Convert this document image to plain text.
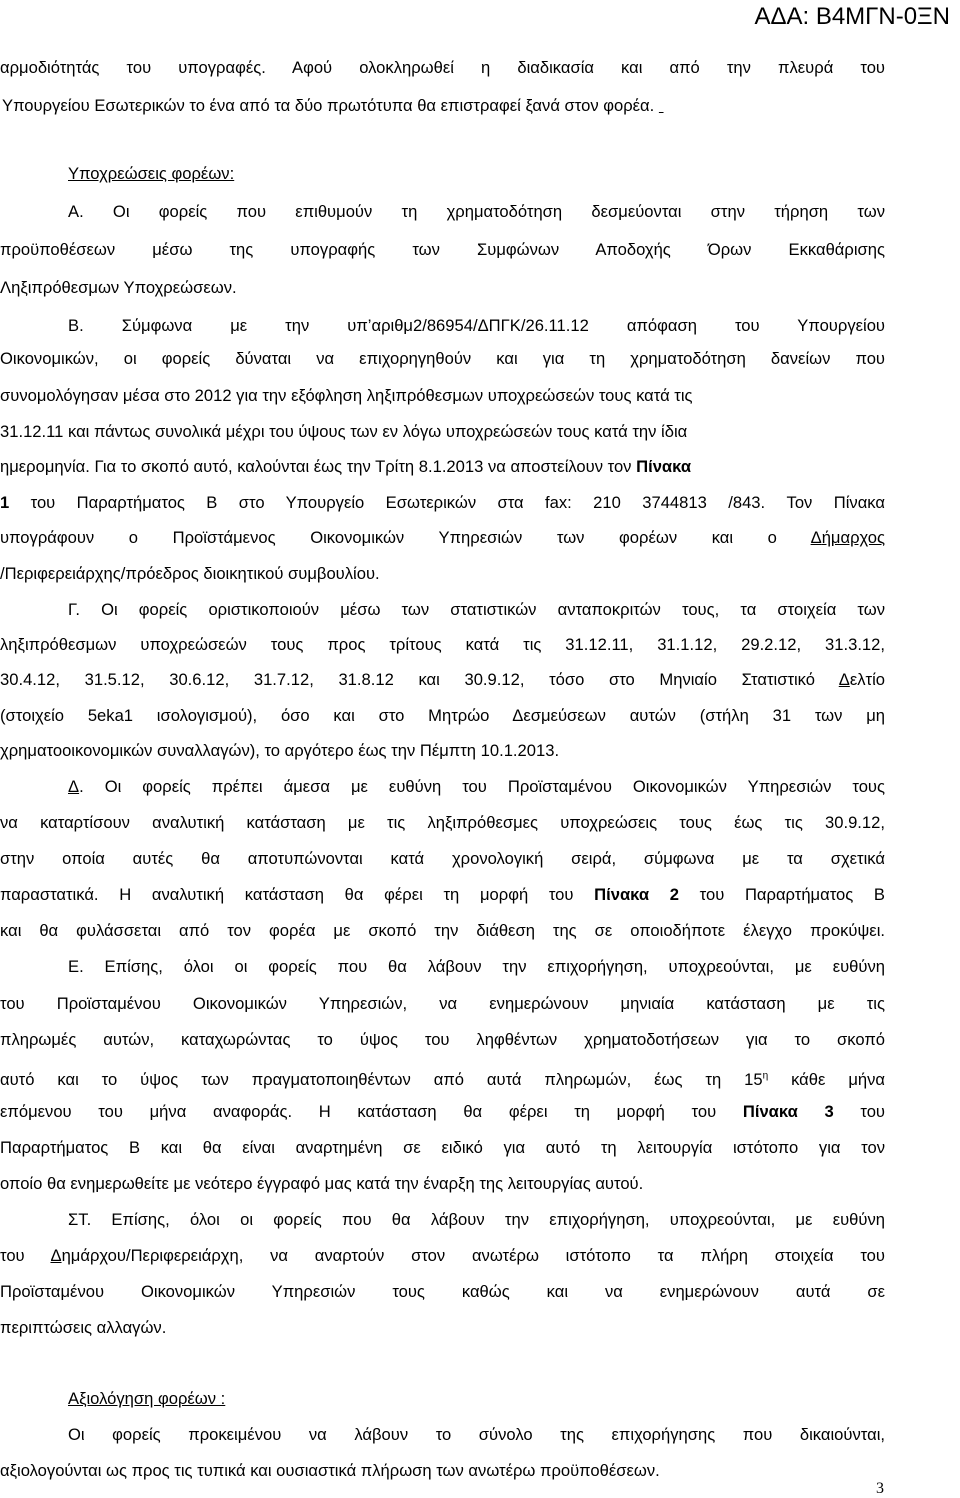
ΑΔΑ: Β4ΜΓΝ-0ΞΝ
αρμοδιότητάς του υπογραφές. Αφού ολοκληρωθεί η διαδικασία και από την πλευρά του
Υπουργείου Εσωτερικών το ένα από τα δύο πρωτότυπα θα επιστραφεί ξανά στον φορέα.
Υποχρεώσεις φορέων:
Α. Οι φορείς που επιθυμούν τη χρηματοδότηση δεσμεύονται στην τήρηση των
προϋποθέσεων μέσω της υπογραφής των Συμφώνων Αποδοχής Όρων Εκκαθάρισης
Ληξιπρόθεσμων Υποχρεώσεων.
Β. Σύμφωνα με την υπ’αριθμ2/86954/ΔΠΓΚ/26.11.12 απόφαση του Υπουργείου
Οικονομικών, οι φορείς δύναται να επιχορηγηθούν και για τη χρηματοδότηση δανείων που
συνομολόγησαν μέσα στο 2012 για την εξόφληση ληξιπρόθεσμων υποχρεώσεών τους κατά τις
31.12.11 και πάντως συνολικά μέχρι του ύψους των εν λόγω υποχρεώσεών τους κατά την ίδια
ημερομηνία. Για το σκοπό αυτό, καλούνται έως την Τρίτη 8.1.2013 να αποστείλουν τον Πίνακα
1 του Παραρτήματος Β στο Υπουργείο Εσωτερικών στα fax: 210 3744813 /843. Τον Πίνακα
υπογράφουν ο Προϊστάμενος Οικονομικών Υπηρεσιών των φορέων και ο Δήμαρχος
/Περιφερειάρχης/πρόεδρος διοικητικού συμβουλίου.
Γ. Οι φορείς οριστικοποιούν μέσω των στατιστικών ανταποκριτών τους, τα στοιχεία των
ληξιπρόθεσμων υποχρεώσεών τους προς τρίτους κατά τις 31.12.11, 31.1.12, 29.2.12, 31.3.12,
30.4.12, 31.5.12, 30.6.12, 31.7.12, 31.8.12 και 30.9.12, τόσο στο Μηνιαίο Στατιστικό Δελτίο
(στοιχείο 5eka1 ισολογισμού), όσο και στο Μητρώο Δεσμεύσεων αυτών (στήλη 31 των μη
χρηματοοικονομικών συναλλαγών), το αργότερο έως την Πέμπτη 10.1.2013.
Δ. Οι φορείς πρέπει άμεσα με ευθύνη του Προϊσταμένου Οικονομικών Υπηρεσιών τους
να καταρτίσουν αναλυτική κατάσταση με τις ληξιπρόθεσμες υποχρεώσεις τους έως τις 30.9.12,
στην οποία αυτές θα αποτυπώνονται κατά χρονολογική σειρά, σύμφωνα με τα σχετικά
παραστατικά. Η αναλυτική κατάσταση θα φέρει τη μορφή του Πίνακα 2 του Παραρτήματος Β
και θα φυλάσσεται από τον φορέα με σκοπό την διάθεση της σε οποιοδήποτε έλεγχο προκύψει.
Ε. Επίσης, όλοι οι φορείς που θα λάβουν την επιχορήγηση, υποχρεούνται, με ευθύνη
του Προϊσταμένου Οικονομικών Υπηρεσιών, να ενημερώνουν μηνιαία κατάσταση με τις
πληρωμές αυτών, καταχωρώντας το ύψος του ληφθέντων χρηματοδοτήσεων για το σκοπό
αυτό και το ύψος των πραγματοποιηθέντων από αυτά πληρωμών, έως τη $15^\eta$ κάθε μήνα
επόμενου του μήνα αναφοράς. Η κατάσταση θα φέρει τη μορφή του Πίνακα 3 του
Παραρτήματος Β και θα είναι αναρτημένη σε ειδικό για αυτό τη λειτουργία ιστότοπο για τον
οποίο θα ενημερωθείτε με νεότερο έγγραφό μας κατά την έναρξη της λειτουργίας αυτού.
ΣΤ. Επίσης, όλοι οι φορείς που θα λάβουν την επιχορήγηση, υποχρεούνται, με ευθύνη
του Δημάρχου/Περιφερειάρχη, να αναρτούν στον ανωτέρω ιστότοπο τα πλήρη στοιχεία του
Προϊσταμένου Οικονομικών Υπηρεσιών τους καθώς και να ενημερώνουν αυτά σε
περιπτώσεις αλλαγών.
Αξιολόγηση φορέων :
Οι φορείς προκειμένου να λάβουν το σύνολο της επιχορήγησης που δικαιούνται,
αξιολογούνται ως προς τις τυπικά και ουσιαστικά πλήρωση των ανωτέρω προϋποθέσεων.
3
